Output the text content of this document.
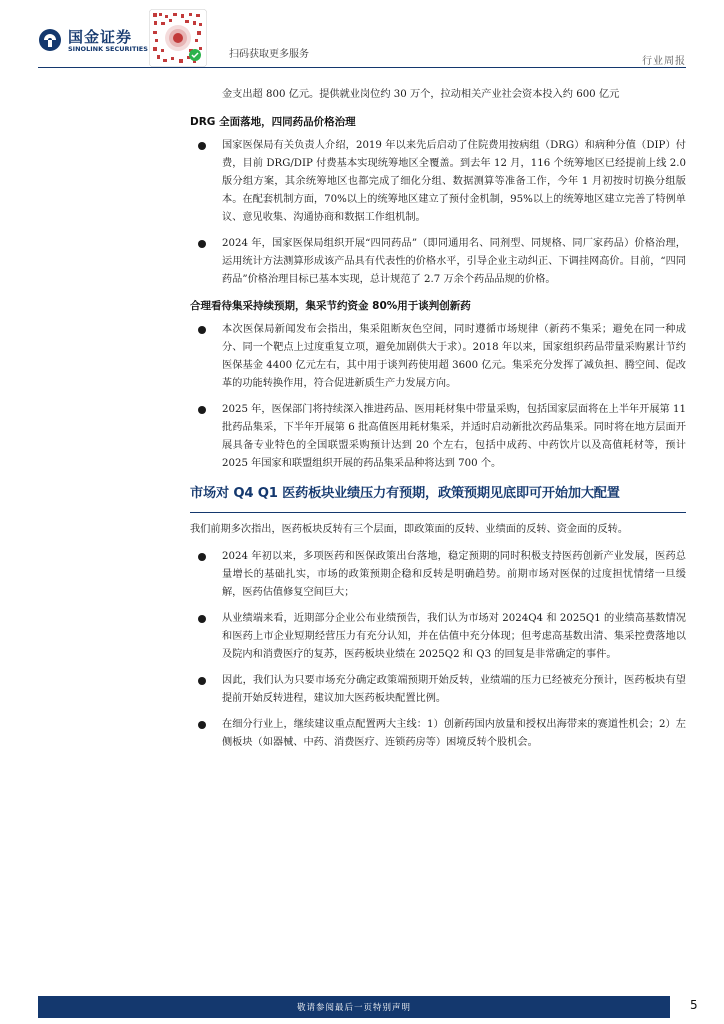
国金证券
SINOLINK SECURITIES	扫码获取更多服务
行业周报

金支出超 800 亿元。提供就业岗位约 30 万个，拉动相关产业社会资本投入约 600 亿元

DRG 全面落地，四同药品价格治理
国家医保局有关负责人介绍，2019 年以来先后启动了住院费用按病组（DRG）和病种分值（DIP）付费，目前 DRG/DIP 付费基本实现统筹地区全覆盖。到去年 12 月，116 个统筹地区已经提前上线 2.0 版分组方案，其余统筹地区也都完成了细化分组、数据测算等准备工作，今年 1 月初按时切换分组版本。在配套机制方面，70%以上的统筹地区建立了预付金机制，95%以上的统筹地区建立完善了特例单议、意见收集、沟通协商和数据工作组机制。
2024 年，国家医保局组织开展“四同药品”（即同通用名、同剂型、同规格、同厂家药品）价格治理，运用统计方法测算形成该产品具有代表性的价格水平，引导企业主动纠正、下调挂网高价。目前，“四同药品”价格治理目标已基本实现，总计规范了 2.7 万余个药品品规的价格。
合理看待集采持续预期，集采节约资金 80%用于谈判创新药
本次医保局新闻发布会指出，集采阻断灰色空间，同时遵循市场规律（新药不集采；避免在同一种成分、同一个靶点上过度重复立项，避免加剧供大于求）。2018 年以来，国家组织药品带量采购累计节约医保基金 4400 亿元左右，其中用于谈判药使用超 3600 亿元。集采充分发挥了减负担、腾空间、促改革的功能转换作用，符合促进新质生产力发展方向。
2025 年，医保部门将持续深入推进药品、医用耗材集中带量采购，包括国家层面将在上半年开展第 11 批药品集采，下半年开展第 6 批高值医用耗材集采，并适时启动新批次药品集采。同时将在地方层面开展具备专业特色的全国联盟采购预计达到 20 个左右，包括中成药、中药饮片以及高值耗材等，预计 2025 年国家和联盟组织开展的药品集采品种将达到 700 个。
市场对 Q4 Q1 医药板块业绩压力有预期，政策预期见底即可开始加大配置

我们前期多次指出，医药板块反转有三个层面，即政策面的反转、业绩面的反转、资金面的反转。

2024 年初以来，多项医药和医保政策出台落地，稳定预期的同时积极支持医药创新产业发展，医药总量增长的基础扎实，市场的政策预期企稳和反转是明确趋势。前期市场对医保的过度担忧情绪一旦缓解，医药估值修复空间巨大；
从业绩端来看，近期部分企业公布业绩预告，我们认为市场对 2024Q4 和 2025Q1 的业绩高基数情况和医药上市企业短期经营压力有充分认知，并在估值中充分体现；但考虑高基数出清、集采控费落地以及院内和消费医疗的复苏，医药板块业绩在 2025Q2 和 Q3 的回复是非常确定的事件。
因此，我们认为只要市场充分确定政策端预期开始反转，业绩端的压力已经被充分预计，医药板块有望提前开始反转进程，建议加大医药板块配置比例。
在细分行业上，继续建议重点配置两大主线：1）创新药国内放量和授权出海带来的赛道性机会；2）左侧板块（如器械、中药、消费医疗、连锁药房等）困境反转个股机会。
敬请参阅最后一页特别声明	5
